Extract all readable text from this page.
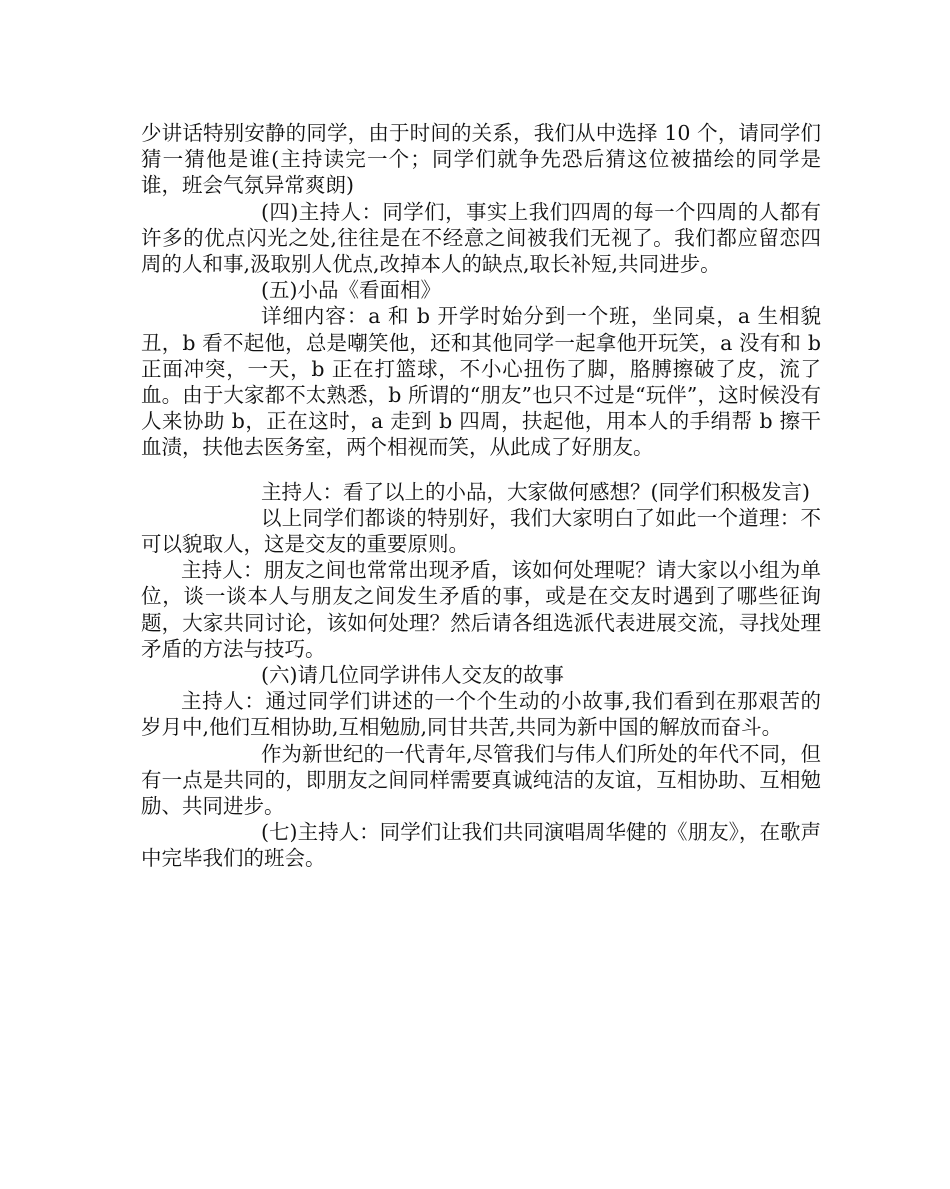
少讲话特别安静的同学，由于时间的关系，我们从中选择 10 个，请同学们猜一猜他是谁(主持读完一个；同学们就争先恐后猜这位被描绘的同学是谁，班会气氛异常爽朗)

(四)主持人：同学们，事实上我们四周的每一个四周的人都有许多的优点闪光之处,往往是在不经意之间被我们无视了。我们都应留恋四周的人和事,汲取别人优点,改掉本人的缺点,取长补短,共同进步。

(五)小品《看面相》

详细内容：a 和 b 开学时始分到一个班，坐同桌，a 生相貌丑，b 看不起他，总是嘲笑他，还和其他同学一起拿他开玩笑，a 没有和 b 正面冲突，一天，b 正在打篮球，不小心扭伤了脚，胳膊擦破了皮，流了血。由于大家都不太熟悉，b 所谓的“朋友”也只不过是“玩伴”，这时候没有人来协助 b，正在这时，a 走到 b 四周，扶起他，用本人的手绢帮 b 擦干血渍，扶他去医务室，两个相视而笑，从此成了好朋友。

主持人：看了以上的小品，大家做何感想？(同学们积极发言)

以上同学们都谈的特别好，我们大家明白了如此一个道理：不可以貌取人，这是交友的重要原则。

主持人：朋友之间也常常出现矛盾，该如何处理呢？请大家以小组为单位，谈一谈本人与朋友之间发生矛盾的事，或是在交友时遇到了哪些征询题，大家共同讨论，该如何处理？然后请各组选派代表进展交流，寻找处理矛盾的方法与技巧。

(六)请几位同学讲伟人交友的故事

主持人：通过同学们讲述的一个个生动的小故事,我们看到在那艰苦的岁月中,他们互相协助,互相勉励,同甘共苦,共同为新中国的解放而奋斗。

作为新世纪的一代青年,尽管我们与伟人们所处的年代不同，但有一点是共同的，即朋友之间同样需要真诚纯洁的友谊，互相协助、互相勉励、共同进步。

(七)主持人：同学们让我们共同演唱周华健的《朋友》，在歌声中完毕我们的班会。
